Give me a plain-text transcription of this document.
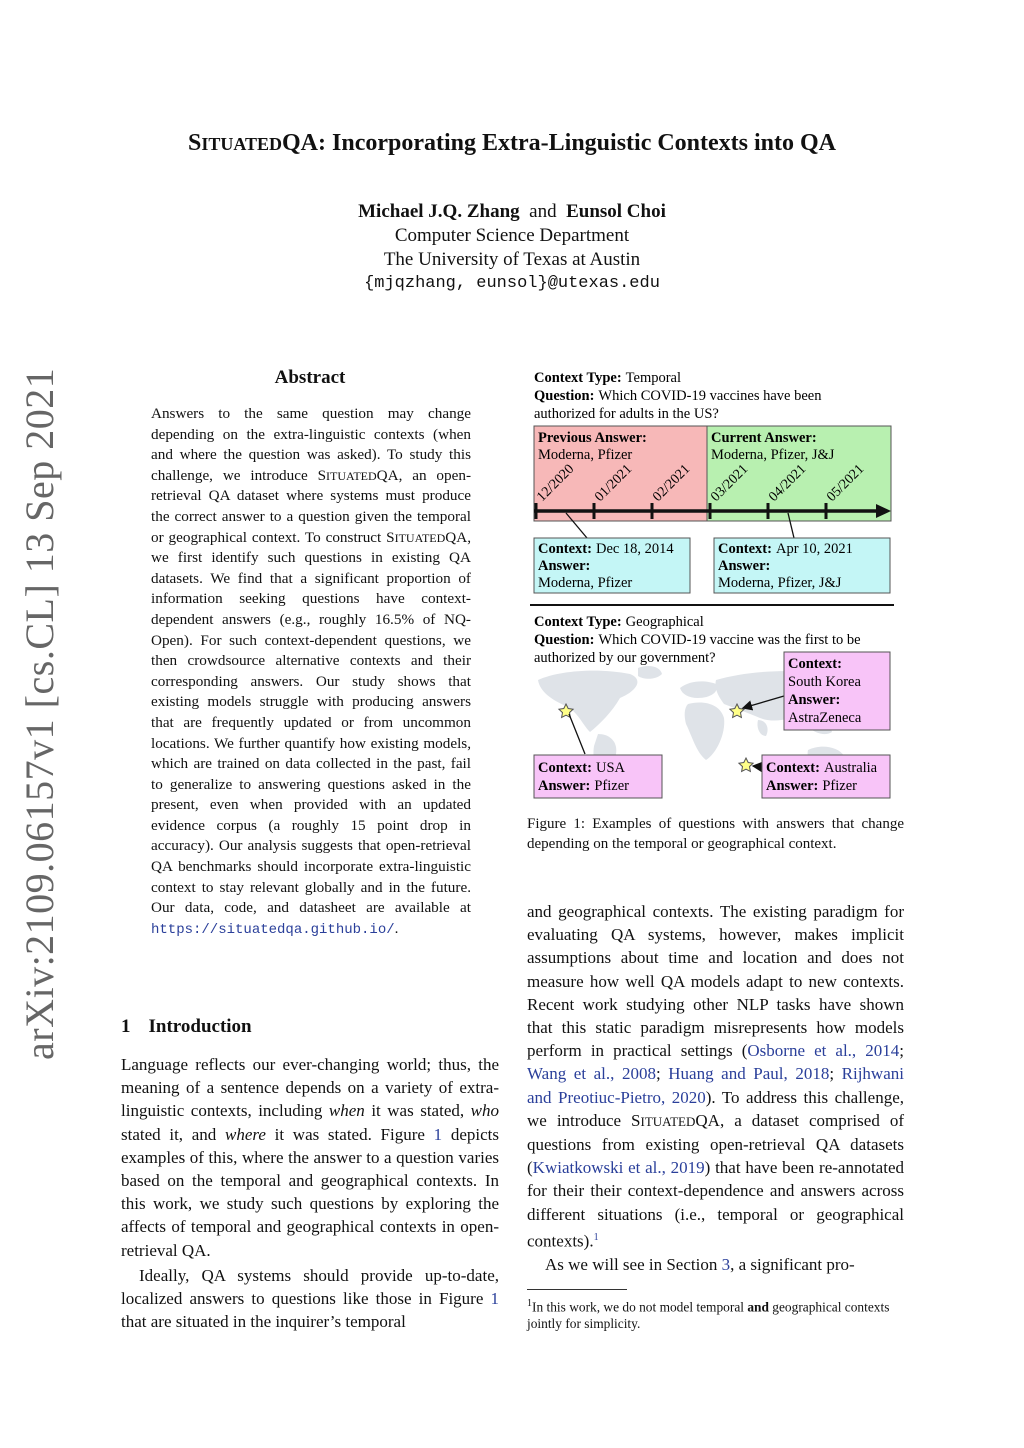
arXiv:2109.06157v1 [cs.CL] 13 Sep 2021
SITUATEDQA: Incorporating Extra-Linguistic Contexts into QA
Michael J.Q. Zhang and Eunsol Choi
Computer Science Department
The University of Texas at Austin
{mjqzhang, eunsol}@utexas.edu
Abstract
Answers to the same question may change depending on the extra-linguistic contexts (when and where the question was asked). To study this challenge, we introduce SITUATEDQA, an open-retrieval QA dataset where systems must produce the correct answer to a question given the temporal or geographical context. To construct SITUATEDQA, we first identify such questions in existing QA datasets. We find that a significant proportion of information seeking questions have context-dependent answers (e.g., roughly 16.5% of NQ-Open). For such context-dependent questions, we then crowdsource alternative contexts and their corresponding answers. Our study shows that existing models struggle with producing answers that are frequently updated or from uncommon locations. We further quantify how existing models, which are trained on data collected in the past, fail to generalize to answering questions asked in the present, even when provided with an updated evidence corpus (a roughly 15 point drop in accuracy). Our analysis suggests that open-retrieval QA benchmarks should incorporate extra-linguistic context to stay relevant globally and in the future. Our data, code, and datasheet are available at https://situatedqa.github.io/.
1 Introduction

Language reflects our ever-changing world; thus, the meaning of a sentence depends on a variety of extra-linguistic contexts, including when it was stated, who stated it, and where it was stated. Figure 1 depicts examples of this, where the answer to a question varies based on the temporal and geographical contexts. In this work, we study such questions by exploring the affects of temporal and geographical contexts in open-retrieval QA.

Ideally, QA systems should provide up-to-date, localized answers to questions like those in Figure 1 that are situated in the inquirer’s temporal

Context Type: Temporal
Question: Which COVID-19 vaccines have been
authorized for adults in the US?
Previous Answer:
Moderna, Pfizer
Current Answer:
Moderna, Pfizer, J&J
12/2020 01/2021 02/2021 03/2021 04/2021 05/2021
Context: Dec 18, 2014
Answer:
Moderna, Pfizer
Context: Apr 10, 2021
Answer:
Moderna, Pfizer, J&J
Context Type: Geographical
Question: Which COVID-19 vaccine was the first to be
authorized by our government?	Context:
South Korea
Answer:
AstraZeneca
Context: USA
Answer: Pfizer
Context: Australia
Answer: Pfizer
Figure 1: Examples of questions with answers that change depending on the temporal or geographical context.

and geographical contexts. The existing paradigm for evaluating QA systems, however, makes implicit assumptions about time and location and does not measure how well QA models adapt to new contexts. Recent work studying other NLP tasks have shown that this static paradigm misrepresents how models perform in practical settings (Osborne et al., 2014; Wang et al., 2008; Huang and Paul, 2018; Rijhwani and Preotiuc-Pietro, 2020). To address this challenge, we introduce SITUATEDQA, a dataset comprised of questions from existing open-retrieval QA datasets (Kwiatkowski et al., 2019) that have been re-annotated for their their context-dependence and answers across different situations (i.e., temporal or geographical contexts).$^1$

As we will see in Section 3, a significant pro-

$^1$In this work, we do not model temporal and geographical contexts jointly for simplicity.
